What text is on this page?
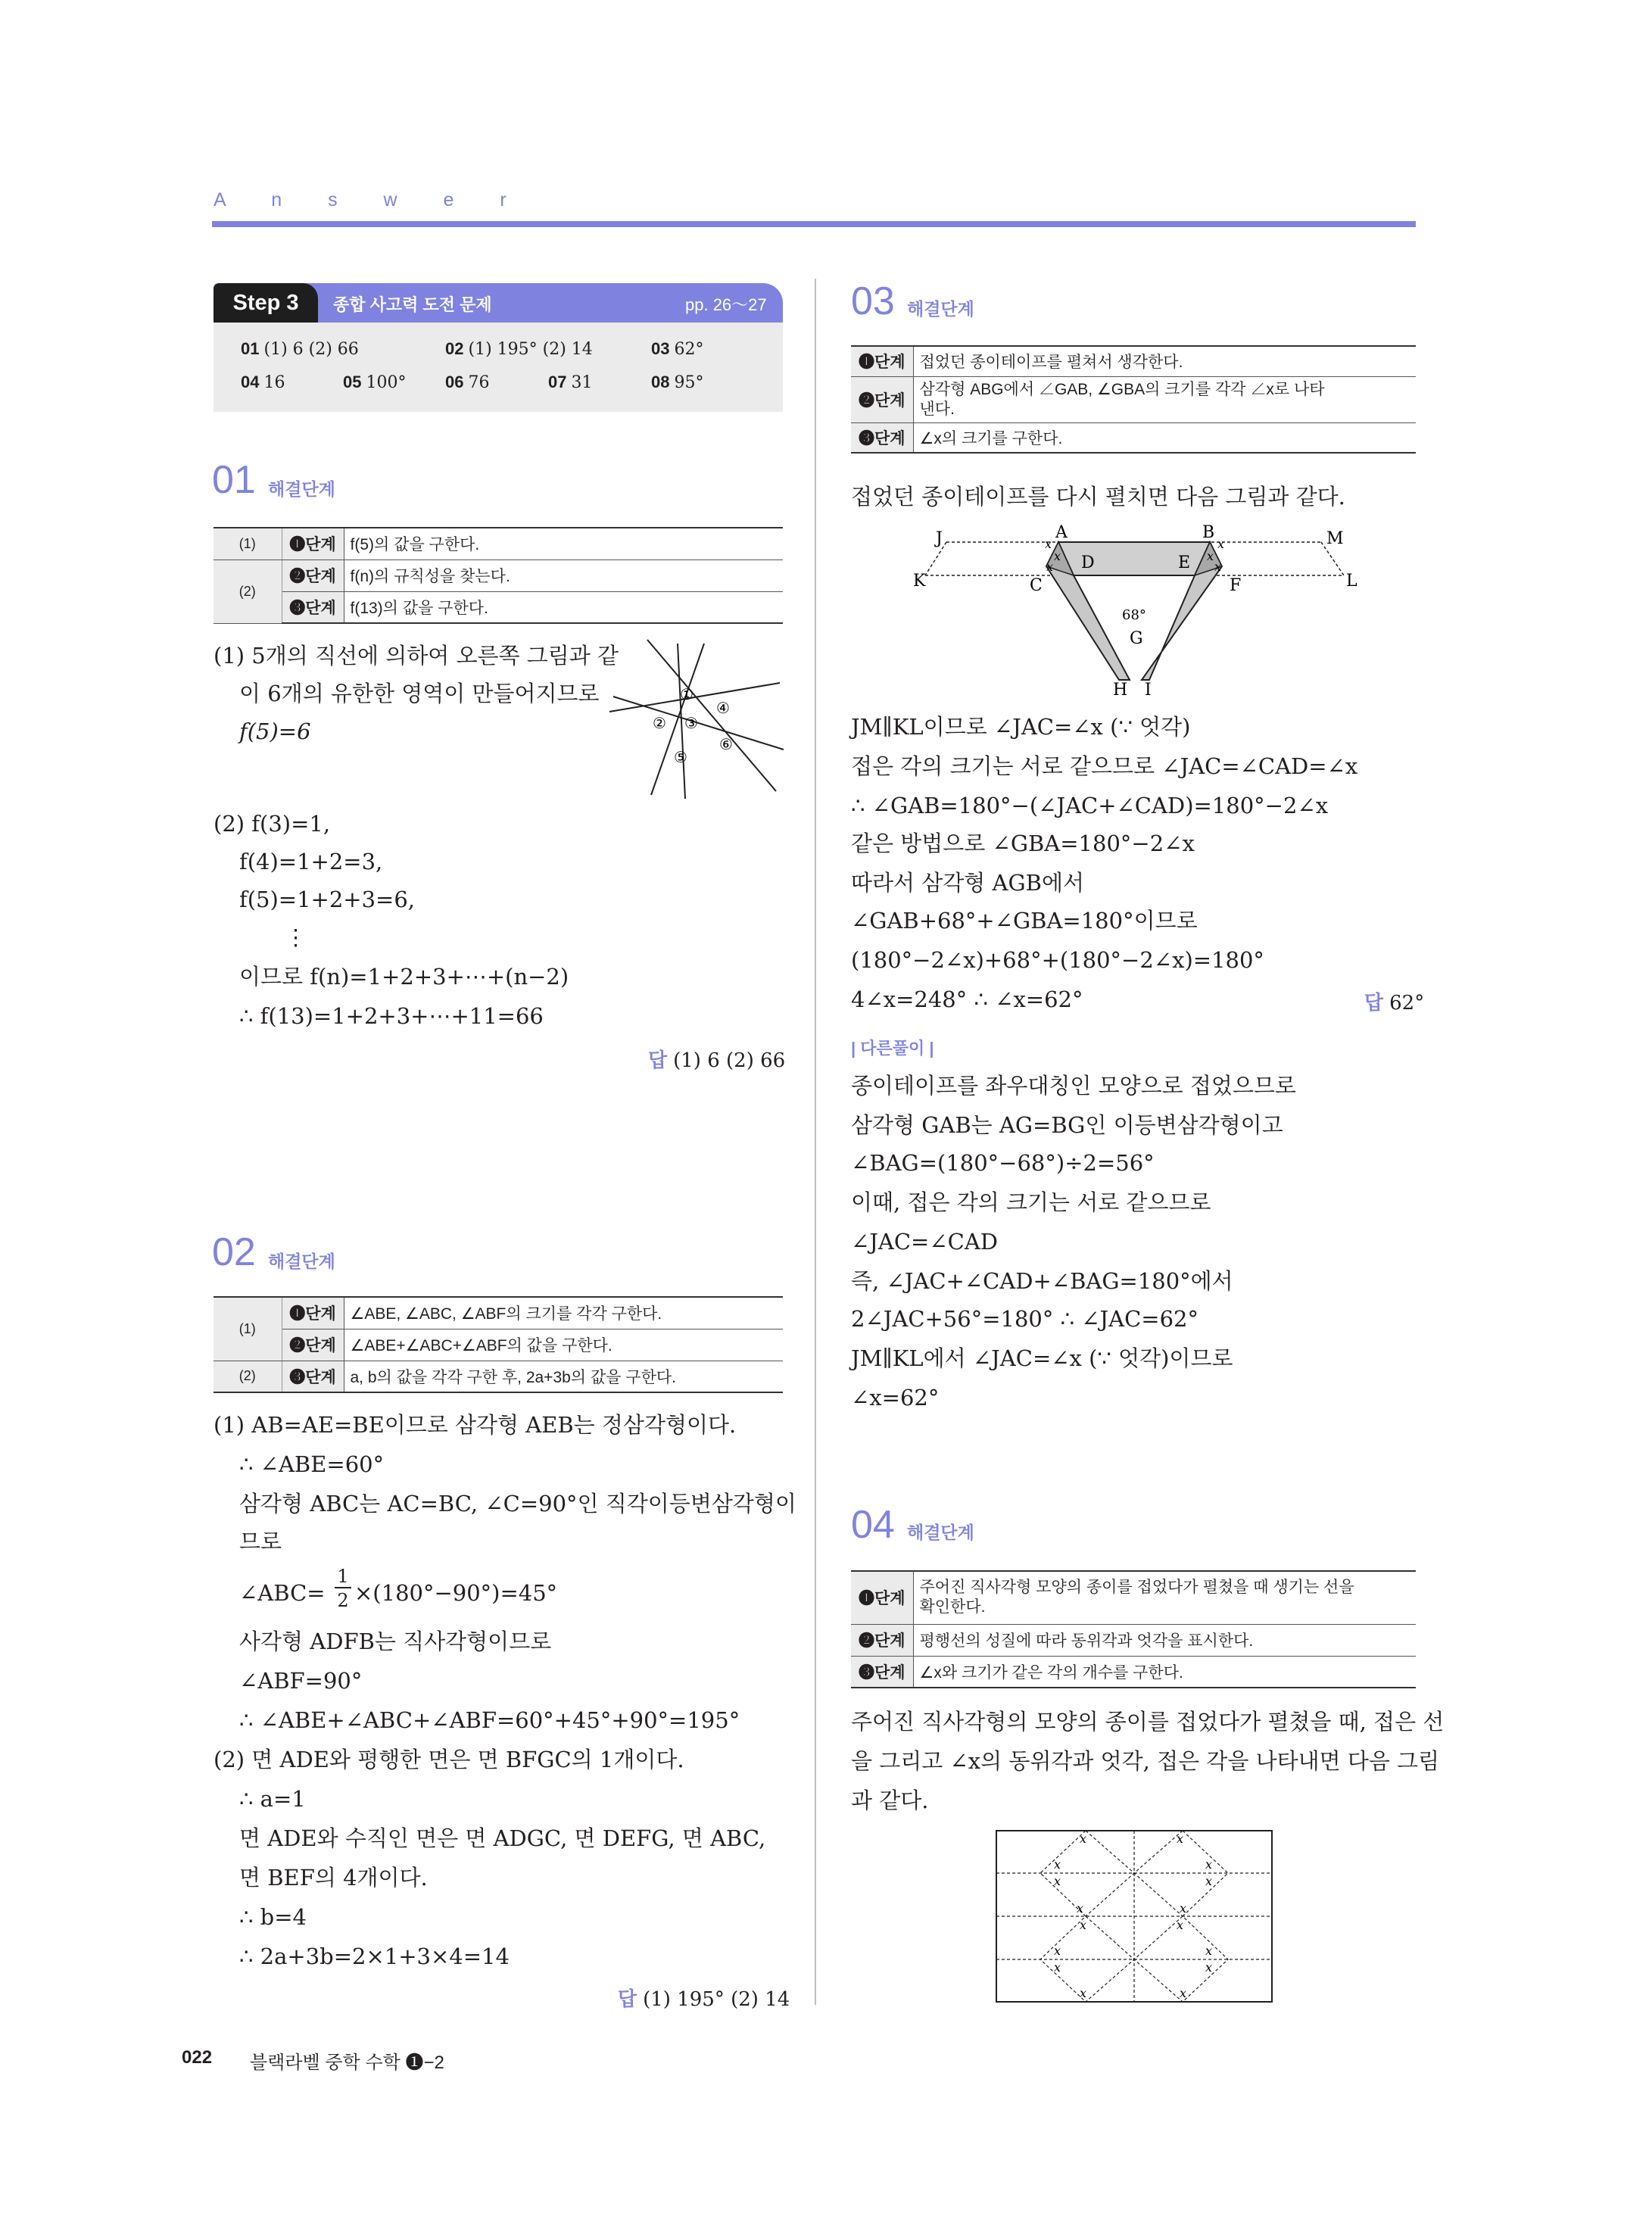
A n s w e r
Step 3	종합 사고력 도전 문제	pp. 26～27
01 (1) 6 (2) 66	02 (1) 195° (2) 14	03 62°
04 16	05 100° 06 76	07 31	08 95°
01 해결단계
(1)	❶단계	f(5)의 값을 구한다.
(2)	❷단계	f(n)의 규칙성을 찾는다.
	❸단계	f(13)의 값을 구한다.
(1) 5개의 직선에 의하여 오른쪽 그림과 같
이 6개의 유한한 영역이 만들어지므로
f(5)=6
①
② ③
④
⑤
⑥
(2) f(3)=1,
f(4)=1+2=3,
f(5)=1+2+3=6,
⋮
이므로 f(n)=1+2+3+⋯+(n−2)
∴ f(13)=1+2+3+⋯+11=66
답 (1) 6 (2) 66
02 해결단계
(1)	❶단계	∠ABE, ∠ABC, ∠ABF의 크기를 각각 구한다.
	❷단계	∠ABE+∠ABC+∠ABF의 값을 구한다.
(2)	❸단계	a, b의 값을 각각 구한 후, 2a+3b의 값을 구한다.
(1) AB=AE=BE이므로 삼각형 AEB는 정삼각형이다.
∴ ∠ABE=60°
삼각형 ABC는 AC=BC, ∠C=90°인 직각이등변삼각형이
므로
∠ABC=
1
2 ×(180°−90°)=45°
사각형 ADFB는 직사각형이므로
∠ABF=90°
∴ ∠ABE+∠ABC+∠ABF=60°+45°+90°=195°
(2) 면 ADE와 평행한 면은 면 BFGC의 1개이다.
∴ a=1
면 ADE와 수직인 면은 면 ADGC, 면 DEFG, 면 ABC,
면 BEF의 4개이다.
∴ b=4
∴ 2a+3b=2×1+3×4=14
답 (1) 195° (2) 14
03 해결단계
❶단계	접었던 종이테이프를 펼쳐서 생각한다.
❷단계	삼각형 ABG에서 ∠GAB, ∠GBA의 크기를 각각 ∠x로 나타
낸다.
❸단계	∠x의 크기를 구한다.
접었던 종이테이프를 다시 펼치면 다음 그림과 같다.
J	M
K	L
A	B
C
D	E
F
G
H I
68°
x
x
x
x
x
x
JM∥KL이므로 ∠JAC=∠x (∵ 엇각)
접은 각의 크기는 서로 같으므로 ∠JAC=∠CAD=∠x
∴ ∠GAB=180°−(∠JAC+∠CAD)=180°−2∠x
같은 방법으로 ∠GBA=180°−2∠x
따라서 삼각형 AGB에서
∠GAB+68°+∠GBA=180°이므로
(180°−2∠x)+68°+(180°−2∠x)=180°
4∠x=248° ∴ ∠x=62°	답 62°
| 다른풀이 |
종이테이프를 좌우대칭인 모양으로 접었으므로
삼각형 GAB는 AG=BG인 이등변삼각형이고
∠BAG=(180°−68°)÷2=56°
이때, 접은 각의 크기는 서로 같으므로
∠JAC=∠CAD
즉, ∠JAC+∠CAD+∠BAG=180°에서
2∠JAC+56°=180° ∴ ∠JAC=62°
JM∥KL에서 ∠JAC=∠x (∵ 엇각)이므로
∠x=62°
04 해결단계
❶단계	주어진 직사각형 모양의 종이를 접었다가 펼쳤을 때 생기는 선을
확인한다.
❷단계	평행선의 성질에 따라 동위각과 엇각을 표시한다.
❸단계	∠x와 크기가 같은 각의 개수를 구한다.
주어진 직사각형의 모양의 종이를 접었다가 펼쳤을 때, 접은 선
을 그리고 ∠x의 동위각과 엇각, 접은 각을 나타내면 다음 그림
과 같다.
x	x
x	x
x	x
x	x
x	x
x	x
x	x
x	x
022 블랙라벨 중학 수학 ❶−2
